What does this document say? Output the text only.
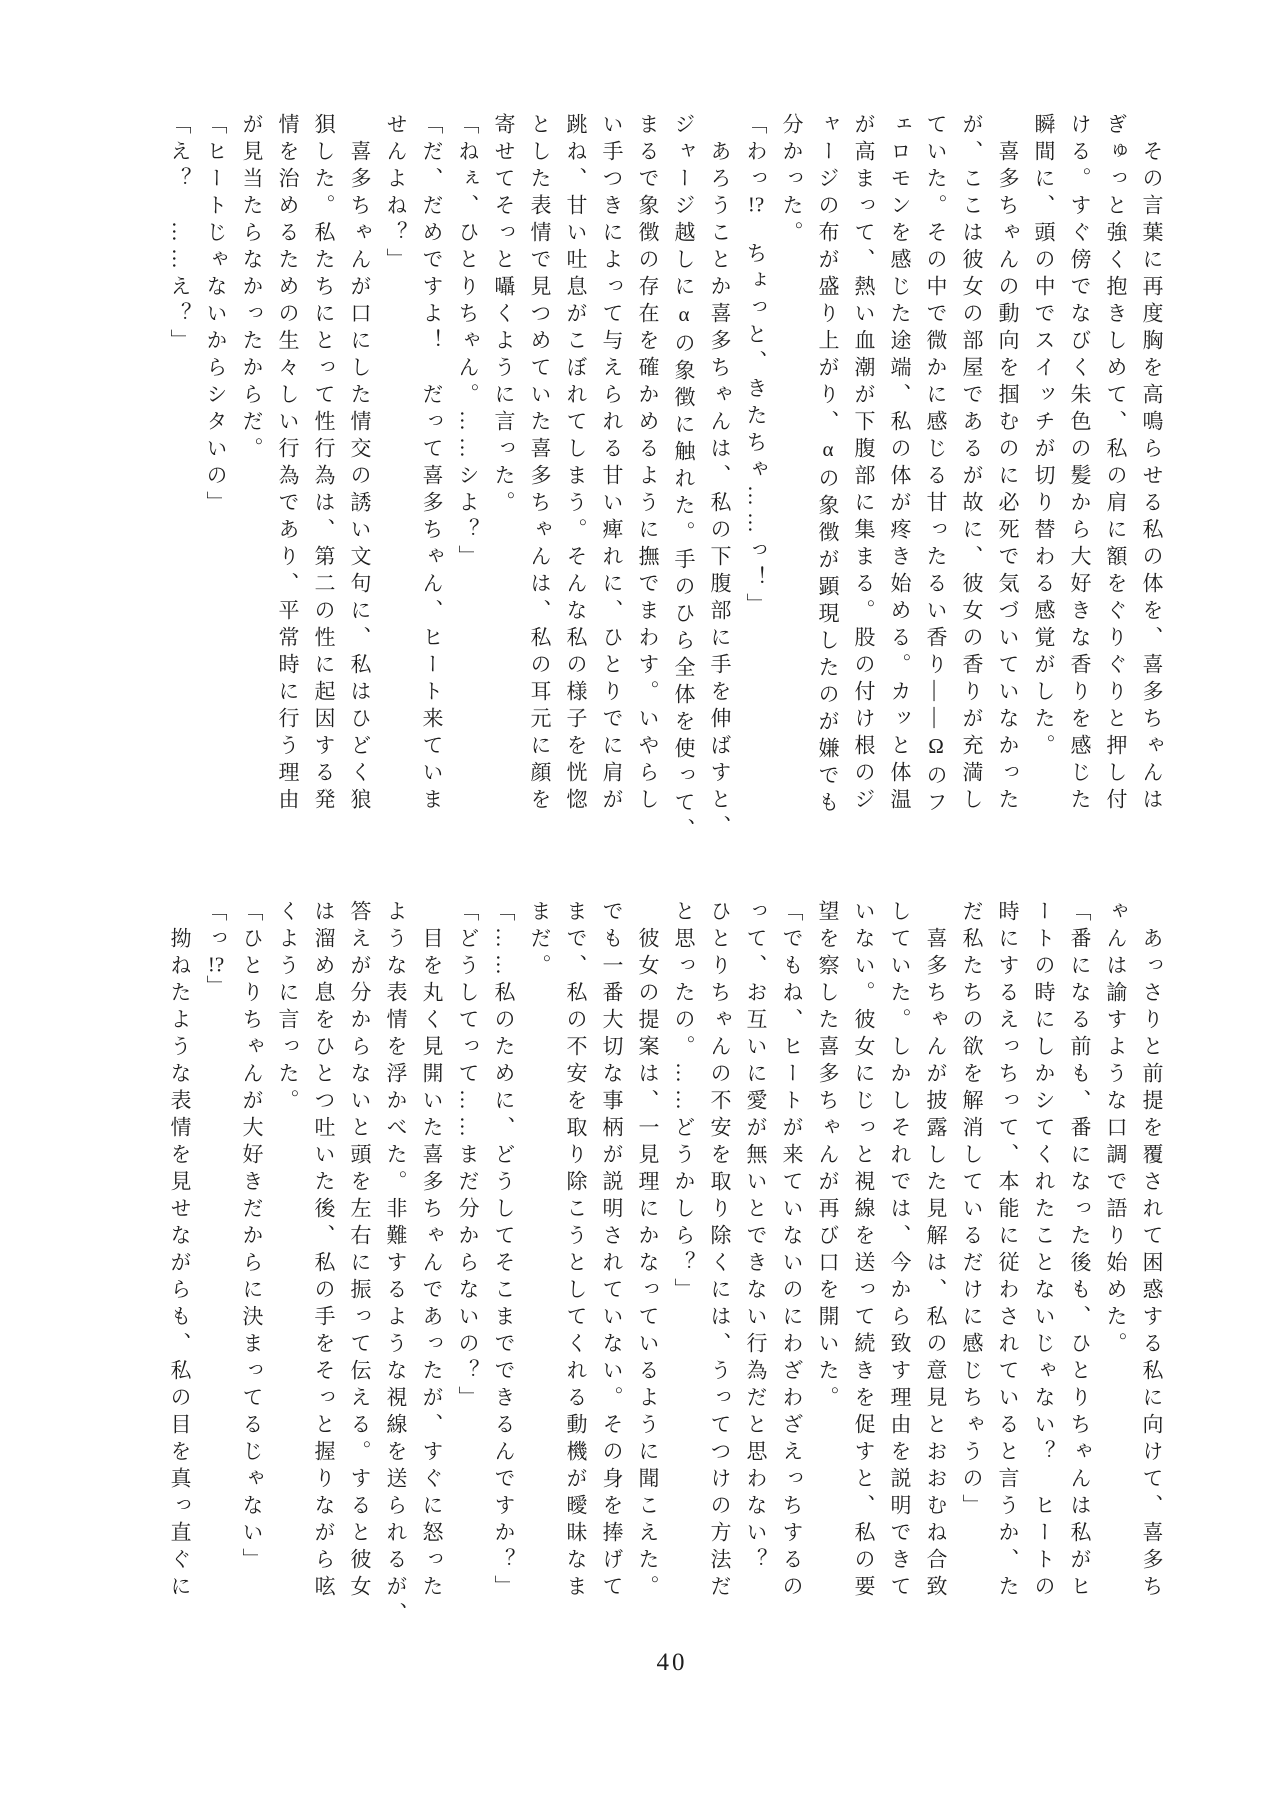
　その言葉に再度胸を高鳴らせる私の体を、喜多ちゃんは

ぎゅっと強く抱きしめて、私の肩に額をぐりぐりと押し付

ける。すぐ傍でなびく朱色の髪から大好きな香りを感じた

瞬間に、頭の中でスイッチが切り替わる感覚がした。

　喜多ちゃんの動向を掴むのに必死で気づいていなかった

が、ここは彼女の部屋であるが故に、彼女の香りが充満し

ていた。その中で微かに感じる甘ったるい香り――Ωのフ

ェロモンを感じた途端、私の体が疼き始める。カッと体温

が高まって、熱い血潮が下腹部に集まる。股の付け根のジ

ャージの布が盛り上がり、αの象徴が顕現したのが嫌でも

分かった。

「わっ!?　ちょっと、きたちゃ……っ！」

　あろうことか喜多ちゃんは、私の下腹部に手を伸ばすと、

ジャージ越しにαの象徴に触れた。手のひら全体を使って、

まるで象徴の存在を確かめるように撫でまわす。いやらし

い手つきによって与えられる甘い痺れに、ひとりでに肩が

跳ね、甘い吐息がこぼれてしまう。そんな私の様子を恍惚

とした表情で見つめていた喜多ちゃんは、私の耳元に顔を

寄せてそっと囁くように言った。

「ねぇ、ひとりちゃん。……シよ？」

「だ、だめですよ！　だって喜多ちゃん、ヒート来ていま

せんよね？」

　喜多ちゃんが口にした情交の誘い文句に、私はひどく狼

狽した。私たちにとって性行為は、第二の性に起因する発

情を治めるための生々しい行為であり、平常時に行う理由

が見当たらなかったからだ。

「ヒートじゃないからシタいの」

「え？　……え？」

　あっさりと前提を覆されて困惑する私に向けて、喜多ち

ゃんは諭すような口調で語り始めた。

「番になる前も、番になった後も、ひとりちゃんは私がヒ

ートの時にしかシてくれたことないじゃない？　ヒートの

時にするえっちって、本能に従わされていると言うか、た

だ私たちの欲を解消しているだけに感じちゃうの」

　喜多ちゃんが披露した見解は、私の意見とおおむね合致

していた。しかしそれでは、今から致す理由を説明できて

いない。彼女にじっと視線を送って続きを促すと、私の要

望を察した喜多ちゃんが再び口を開いた。

「でもね、ヒートが来ていないのにわざわざえっちするの

って、お互いに愛が無いとできない行為だと思わない？

ひとりちゃんの不安を取り除くには、うってつけの方法だ

と思ったの。……どうかしら？」

　彼女の提案は、一見理にかなっているように聞こえた。

でも一番大切な事柄が説明されていない。その身を捧げて

まで、私の不安を取り除こうとしてくれる動機が曖昧なま

まだ。

「……私のために、どうしてそこまでできるんですか？」

「どうしてって……まだ分からないの？」

　目を丸く見開いた喜多ちゃんであったが、すぐに怒った

ような表情を浮かべた。非難するような視線を送られるが、

答えが分からないと頭を左右に振って伝える。すると彼女

は溜め息をひとつ吐いた後、私の手をそっと握りながら呟

くように言った。

「ひとりちゃんが大好きだからに決まってるじゃない」

「っ!?」

　拗ねたような表情を見せながらも、私の目を真っ直ぐに

40
